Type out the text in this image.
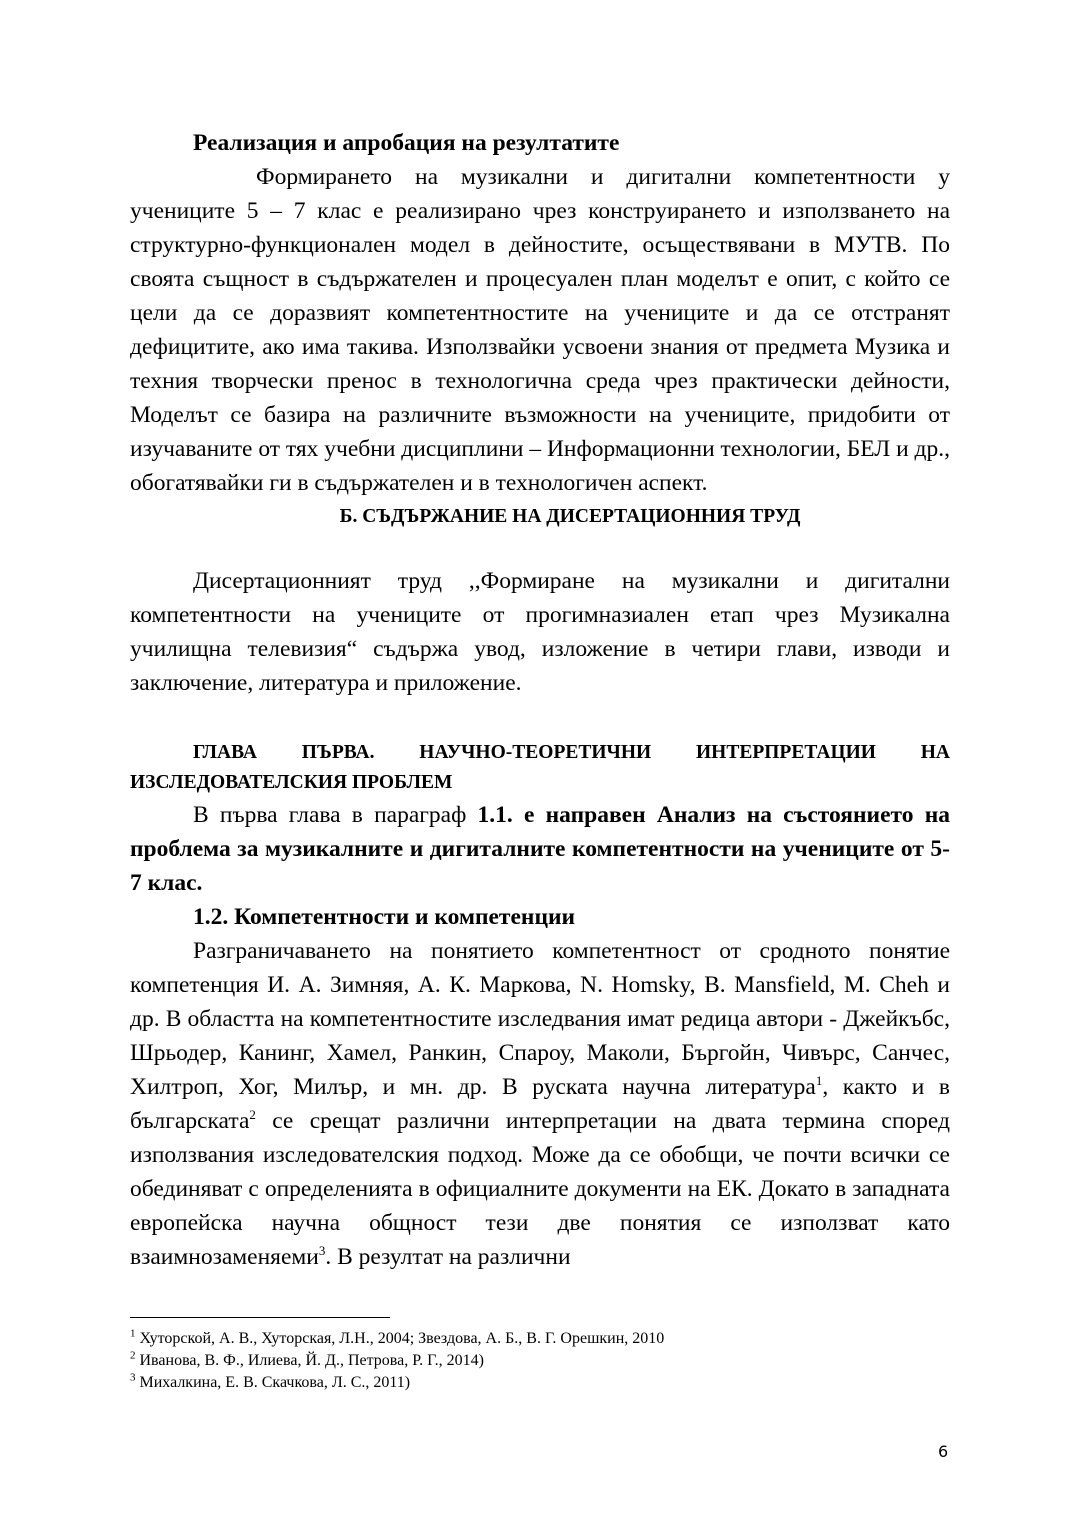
Реализация и апробация на резултатите

Формирането на музикални и дигитални компетентности у учениците 5 – 7 клас е реализирано чрез конструирането и използването на структурно-функционален модел в дейностите, осъществявани в МУТВ. По своята същност в съдържателен и процесуален план моделът е опит, с който се цели да се доразвият компетентностите на учениците и да се отстранят дефицитите, ако има такива. Използвайки усвоени знания от предмета Музика и техния творчески пренос в технологична среда чрез практически дейности, Моделът се базира на различните възможности на учениците, придобити от изучаваните от тях учебни дисциплини – Информационни технологии, БЕЛ и др., обогатявайки ги в съдържателен и в технологичен аспект.

Б. СЪДЪРЖАНИЕ НА ДИСЕРТАЦИОННИЯ ТРУД

Дисертационният труд ,,Формиране на музикални и дигитални компетентности на учениците от прогимназиален етап чрез Музикална училищна телевизия“ съдържа увод, изложение в четири глави, изводи и заключение, литература и приложение.

ГЛАВА ПЪРВА. НАУЧНО-ТЕОРЕТИЧНИ ИНТЕРПРЕТАЦИИ НА
ИЗСЛЕДОВАТЕЛСКИЯ ПРОБЛЕМ

В първа глава в параграф 1.1. е направен Анализ на състоянието на проблема за музикалните и дигиталните компетентности на учениците от 5-7 клас.

1.2. Компетентности и компетенции

Разграничаването на понятието компетентност от сродното понятие компетенция И. А. Зимняя, А. К. Маркова, N. Homsky, B. Mansfield, M. Cheh и др. В областта на компетентностите изследвания имат редица автори - Джейкъбс, Шрьодер, Канинг, Хамел, Ранкин, Спароу, Маколи, Бъргойн, Чивърс, Санчес, Хилтроп, Хог, Милър, и мн. др. В руската научна литература$^1$, както и в българската$^2$ се срещат различни интерпретации на двата термина според използвания изследователския подход. Може да се обобщи, че почти всички се обединяват с определенията в официалните документи на ЕК. Докато в западната европейска научна общност тези две понятия се използват като взаимнозаменяеми$^3$. В резултат на различни

$^1$ Хуторской, А. В., Хуторская, Л.Н., 2004; Звездова, А. Б., В. Г. Орешкин, 2010
$^2$ Иванова, В. Ф., Илиева, Й. Д., Петрова, Р. Г., 2014)
$^3$ Михалкина, Е. В. Скачкова, Л. С., 2011)
6
